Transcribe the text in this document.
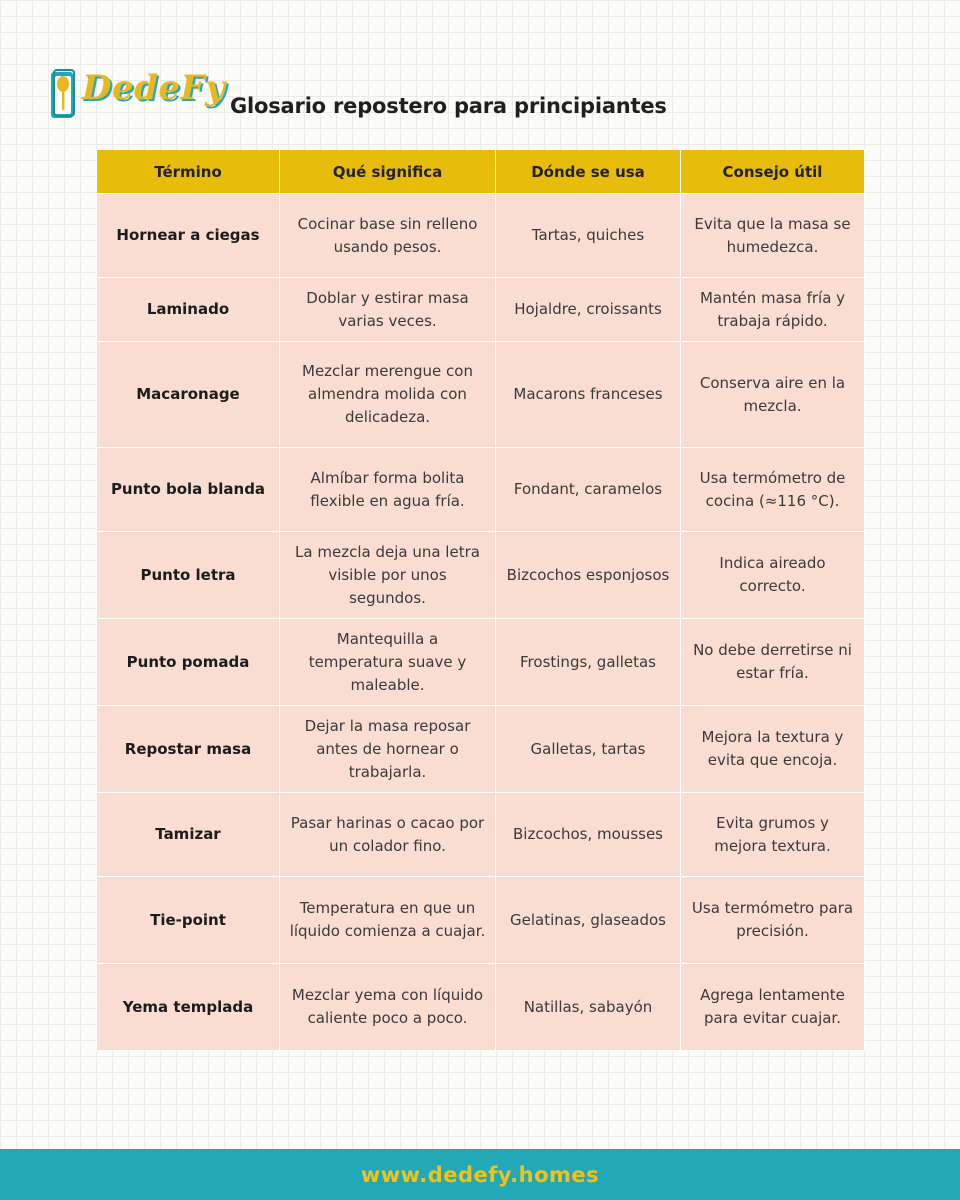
DedeFy Glosario repostero para principiantes
Término	Qué significa	Dónde se usa	Consejo útil
Hornear a ciegas	Cocinar base sin relleno usando pesos.	Tartas, quiches	Evita que la masa se humedezca.
Laminado	Doblar y estirar masa varias veces.	Hojaldre, croissants	Mantén masa fría y trabaja rápido.
Macaronage	Mezclar merengue con almendra molida con delicadeza.	Macarons franceses	Conserva aire en la mezcla.
Punto bola blanda	Almíbar forma bolita flexible en agua fría.	Fondant, caramelos	Usa termómetro de cocina (≈116 °C).
Punto letra	La mezcla deja una letra visible por unos segundos.	Bizcochos esponjosos	Indica aireado correcto.
Punto pomada	Mantequilla a temperatura suave y maleable.	Frostings, galletas	No debe derretirse ni estar fría.
Repostar masa	Dejar la masa reposar antes de hornear o trabajarla.	Galletas, tartas	Mejora la textura y evita que encoja.
Tamizar	Pasar harinas o cacao por un colador fino.	Bizcochos, mousses	Evita grumos y mejora textura.
Tie-point	Temperatura en que un líquido comienza a cuajar.	Gelatinas, glaseados	Usa termómetro para precisión.
Yema templada	Mezclar yema con líquido caliente poco a poco.	Natillas, sabayón	Agrega lentamente para evitar cuajar.
www.dedefy.homes
